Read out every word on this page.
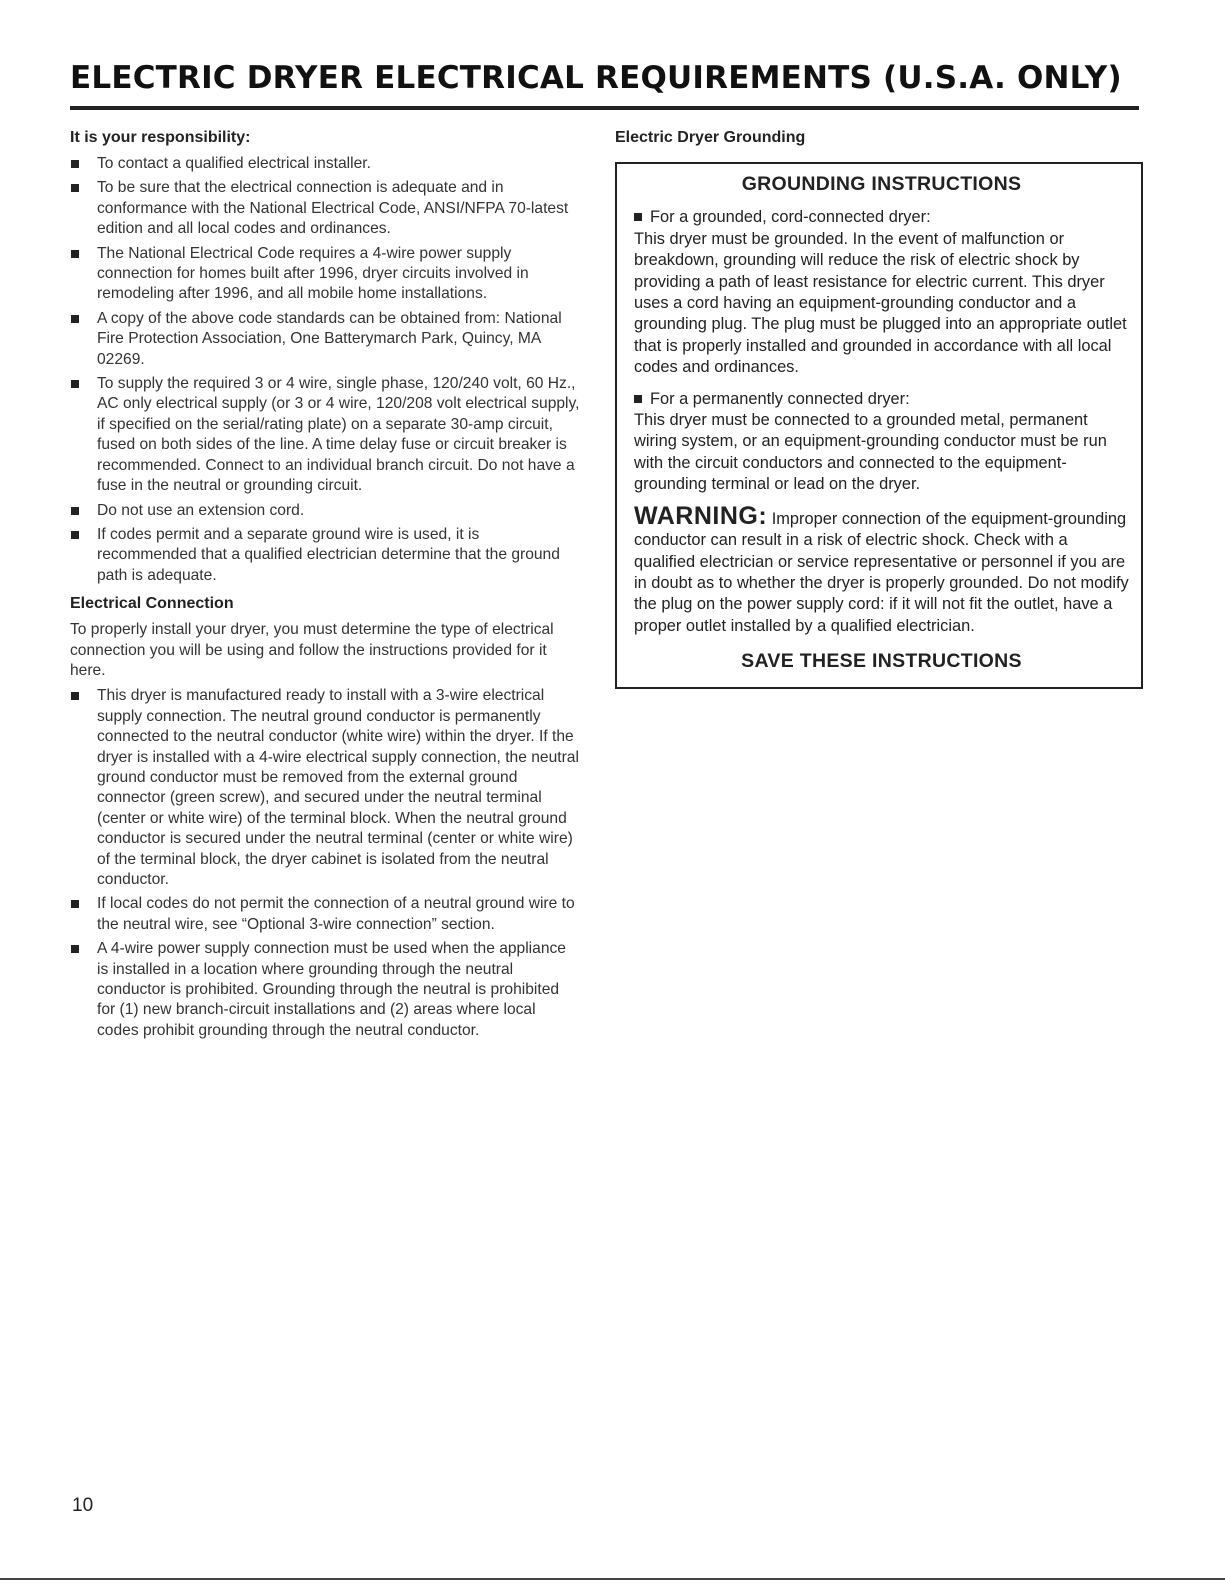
ELECTRIC DRYER ELECTRICAL REQUIREMENTS (U.S.A. ONLY)
It is your responsibility:
To contact a qualified electrical installer.
To be sure that the electrical connection is adequate and in conformance with the National Electrical Code, ANSI/NFPA 70-latest edition and all local codes and ordinances.
The National Electrical Code requires a 4-wire power supply connection for homes built after 1996, dryer circuits involved in remodeling after 1996, and all mobile home installations.
A copy of the above code standards can be obtained from: National Fire Protection Association, One Batterymarch Park, Quincy, MA 02269.
To supply the required 3 or 4 wire, single phase, 120/240 volt, 60 Hz., AC only electrical supply (or 3 or 4 wire, 120/208 volt electrical supply, if specified on the serial/rating plate) on a separate 30-amp circuit, fused on both sides of the line. A time delay fuse or circuit breaker is recommended. Connect to an individual branch circuit. Do not have a fuse in the neutral or grounding circuit.
Do not use an extension cord.
If codes permit and a separate ground wire is used, it is recommended that a qualified electrician determine that the ground path is adequate.
Electrical Connection

To properly install your dryer, you must determine the type of electrical connection you will be using and follow the instructions provided for it here.

This dryer is manufactured ready to install with a 3-wire electrical supply connection. The neutral ground conductor is permanently connected to the neutral conductor (white wire) within the dryer. If the dryer is installed with a 4-wire electrical supply connection, the neutral ground conductor must be removed from the external ground connector (green screw), and secured under the neutral terminal (center or white wire) of the terminal block. When the neutral ground conductor is secured under the neutral terminal (center or white wire) of the terminal block, the dryer cabinet is isolated from the neutral conductor.
If local codes do not permit the connection of a neutral ground wire to the neutral wire, see “Optional 3-wire connection” section.
A 4-wire power supply connection must be used when the appliance is installed in a location where grounding through the neutral conductor is prohibited. Grounding through the neutral is prohibited for (1) new branch-circuit installations and (2) areas where local codes prohibit grounding through the neutral conductor.
Electric Dryer Grounding
GROUNDING INSTRUCTIONS

For a grounded, cord-connected dryer:

This dryer must be grounded. In the event of malfunction or breakdown, grounding will reduce the risk of electric shock by providing a path of least resistance for electric current. This dryer uses a cord having an equipment-grounding conductor and a grounding plug. The plug must be plugged into an appropriate outlet that is properly installed and grounded in accordance with all local codes and ordinances.

For a permanently connected dryer:

This dryer must be connected to a grounded metal, permanent wiring system, or an equipment-grounding conductor must be run with the circuit conductors and connected to the equipment-grounding terminal or lead on the dryer.

WARNING: Improper connection of the equipment-grounding conductor can result in a risk of electric shock. Check with a qualified electrician or service representative or personnel if you are in doubt as to whether the dryer is properly grounded. Do not modify the plug on the power supply cord: if it will not fit the outlet, have a proper outlet installed by a qualified electrician.

SAVE THESE INSTRUCTIONS
10
